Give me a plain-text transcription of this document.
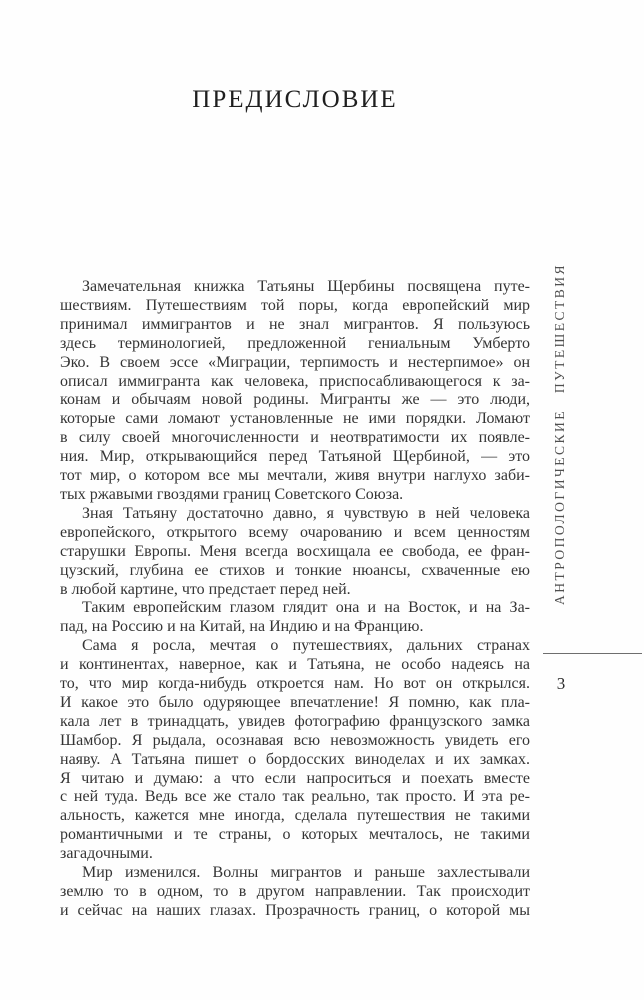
ПРЕДИСЛОВИЕ
Замечательная книжка Татьяны Щербины посвящена путе-
шествиям. Путешествиям той поры, когда европейский мир
принимал иммигрантов и не знал мигрантов. Я пользуюсь
здесь терминологией, предложенной гениальным Умберто
Эко. В своем эссе «Миграции, терпимость и нестерпимое» он
описал иммигранта как человека, приспосабливающегося к за-
конам и обычаям новой родины. Мигранты же — это люди,
которые сами ломают установленные не ими порядки. Ломают
в силу своей многочисленности и неотвратимости их появле-
ния. Мир, открывающийся перед Татьяной Щербиной, — это
тот мир, о котором все мы мечтали, живя внутри наглухо заби-
тых ржавыми гвоздями границ Советского Союза.
Зная Татьяну достаточно давно, я чувствую в ней человека
европейского, открытого всему очарованию и всем ценностям
старушки Европы. Меня всегда восхищала ее свобода, ее фран-
цузский, глубина ее стихов и тонкие нюансы, схваченные ею
в любой картине, что предстает перед ней.
Таким европейским глазом глядит она и на Восток, и на За-
пад, на Россию и на Китай, на Индию и на Францию.
Сама я росла, мечтая о путешествиях, дальних странах
и континентах, наверное, как и Татьяна, не особо надеясь на
то, что мир когда-нибудь откроется нам. Но вот он открылся.
И какое это было одуряющее впечатление! Я помню, как пла-
кала лет в тринадцать, увидев фотографию французского замка
Шамбор. Я рыдала, осознавая всю невозможность увидеть его
наяву. А Татьяна пишет о бордосских виноделах и их замках.
Я читаю и думаю: а что если напроситься и поехать вместе
с ней туда. Ведь все же стало так реально, так просто. И эта ре-
альность, кажется мне иногда, сделала путешествия не такими
романтичными и те страны, о которых мечталось, не такими
загадочными.
Мир изменился. Волны мигрантов и раньше захлестывали
землю то в одном, то в другом направлении. Так происходит
и сейчас на наших глазах. Прозрачность границ, о которой мы
АНТРОПОЛОГИЧЕСКИЕ ПУТЕШЕСТВИЯ
3
